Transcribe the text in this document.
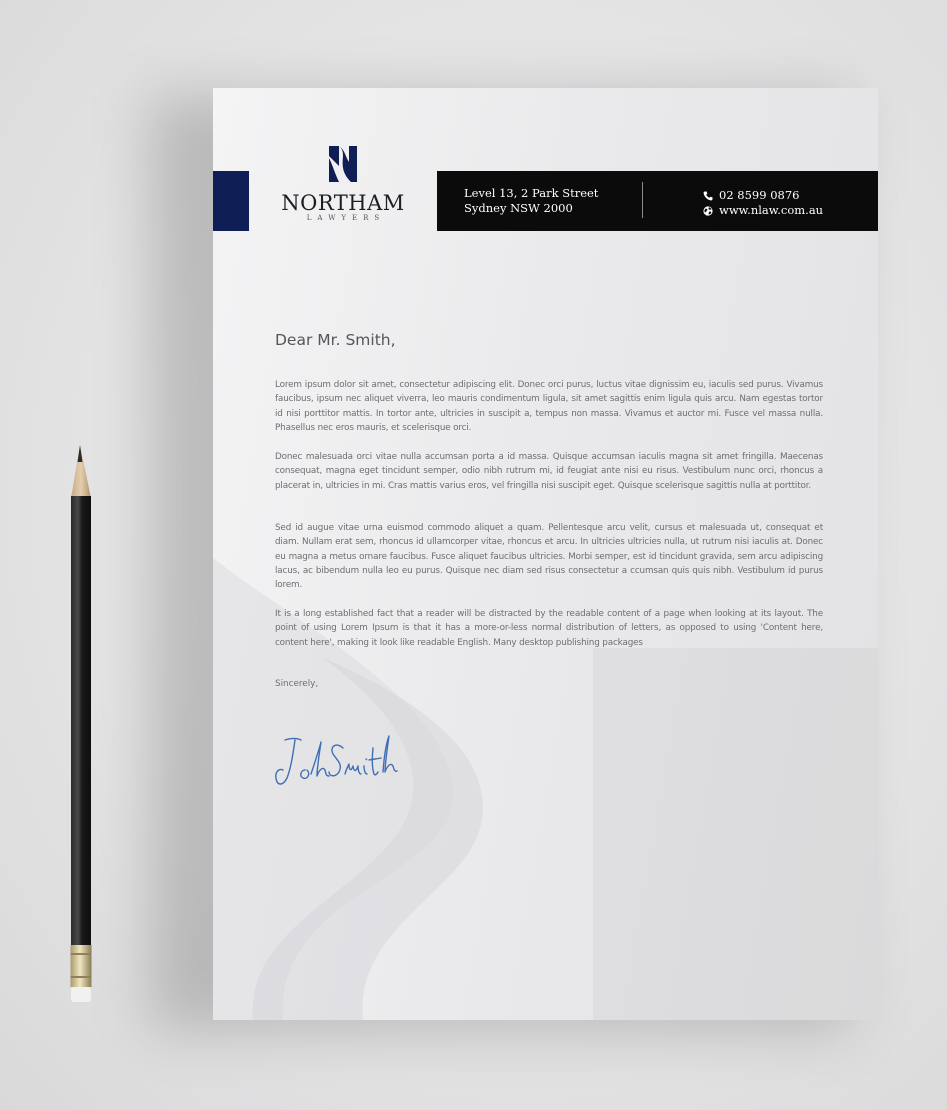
NORTHAM
LAWYERS
Level 13, 2 Park Street
Sydney NSW 2000
02 8599 0876
www.nlaw.com.au
Dear Mr. Smith,

Lorem ipsum dolor sit amet, consectetur adipiscing elit. Donec orci purus, luctus vitae dignissim eu, iaculis sed purus. Vivamus faucibus, ipsum nec aliquet viverra, leo mauris condimentum ligula, sit amet sagittis enim ligula quis arcu. Nam egestas tortor id nisi porttitor mattis. In tortor ante, ultricies in suscipit a, tempus non massa. Vivamus et auctor mi. Fusce vel massa nulla. Phasellus nec eros mauris, et scelerisque orci.

Donec malesuada orci vitae nulla accumsan porta a id massa. Quisque accumsan iaculis magna sit amet fringilla. Maecenas consequat, magna eget tincidunt semper, odio nibh rutrum mi, id feugiat ante nisi eu risus. Vestibulum nunc orci, rhoncus a placerat in, ultricies in mi. Cras mattis varius eros, vel fringilla nisi suscipit eget. Quisque scelerisque sagittis nulla at porttitor.

Sed id augue vitae urna euismod commodo aliquet a quam. Pellentesque arcu velit, cursus et malesuada ut, consequat et diam. Nullam erat sem, rhoncus id ullamcorper vitae, rhoncus et arcu. In ultricies ultricies nulla, ut rutrum nisi iaculis at. Donec eu magna a metus ornare faucibus. Fusce aliquet faucibus ultricies. Morbi semper, est id tincidunt gravida, sem arcu adipiscing lacus, ac bibendum nulla leo eu purus. Quisque nec diam sed risus consectetur a ccumsan quis quis nibh. Vestibulum id purus lorem.

It is a long established fact that a reader will be distracted by the readable content of a page when looking at its layout. The point of using Lorem Ipsum is that it has a more-or-less normal distribution of letters, as opposed to using 'Content here, content here', making it look like readable English. Many desktop publishing packages

Sincerely,
